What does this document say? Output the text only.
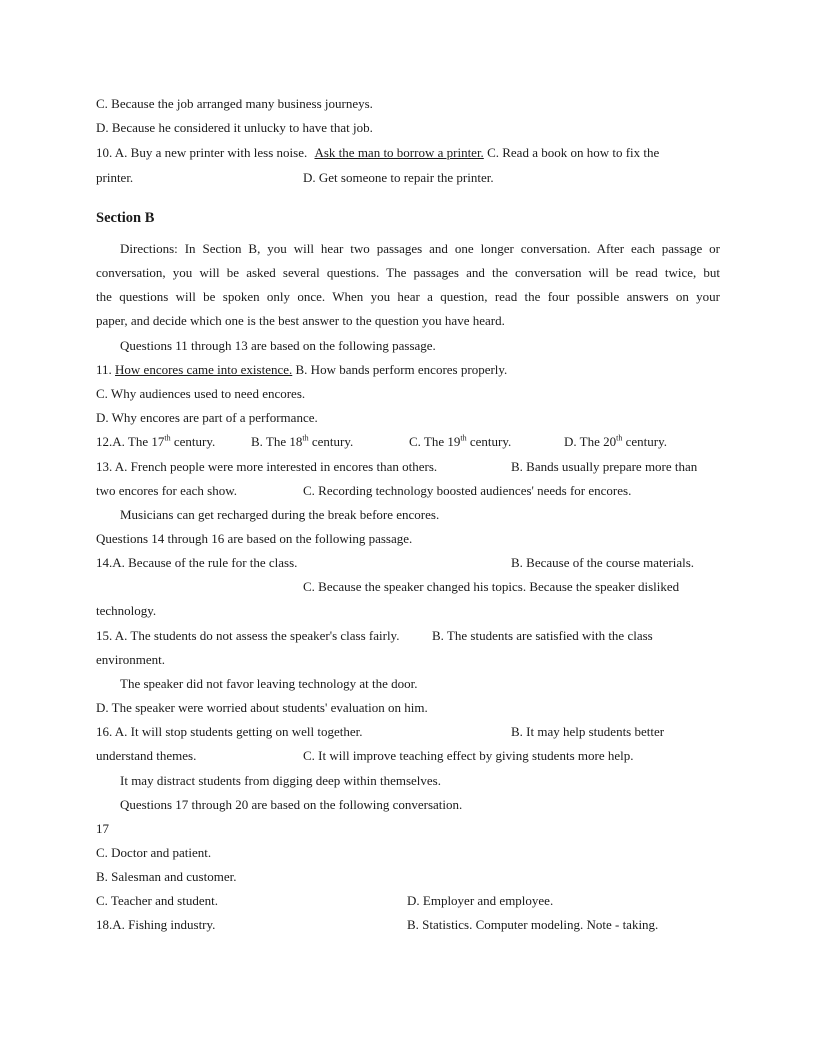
C. Because the job arranged many business journeys.
D. Because he considered it unlucky to have that job.
10. A. Buy a new printer with less noise. Ask the man to borrow a printer. C. Read a book on how to fix the
printer.	D. Get someone to repair the printer.
Section B
Directions: In Section B, you will hear two passages and one longer conversation. After each passage or
conversation, you will be asked several questions. The passages and the conversation will be read twice, but
the questions will be spoken only once. When you hear a question, read the four possible answers on your
paper, and decide which one is the best answer to the question you have heard.
Questions 11 through 13 are based on the following passage.
11. How encores came into existence. B. How bands perform encores properly.
C. Why audiences used to need encores.
D. Why encores are part of a performance.
12.A. The 17th century.	B. The 18th century.	C. The 19th century.	D. The 20th century.
13. A. French people were more interested in encores than others.	B. Bands usually prepare more than
two encores for each show.	C. Recording technology boosted audiences' needs for encores.
Musicians can get recharged during the break before encores.
Questions 14 through 16 are based on the following passage.
14.A. Because of the rule for the class.	B. Because of the course materials.
C. Because the speaker changed his topics. Because the speaker disliked
technology.
15. A. The students do not assess the speaker's class fairly.	B. The students are satisfied with the class
environment.
The speaker did not favor leaving technology at the door.
D. The speaker were worried about students' evaluation on him.
16. A. It will stop students getting on well together.	B. It may help students better
understand themes.	C. It will improve teaching effect by giving students more help.
It may distract students from digging deep within themselves.
Questions 17 through 20 are based on the following conversation.
17
C. Doctor and patient.
B. Salesman and customer.
C. Teacher and student.	D. Employer and employee.
18.A. Fishing industry.	B. Statistics. Computer modeling. Note - taking.
